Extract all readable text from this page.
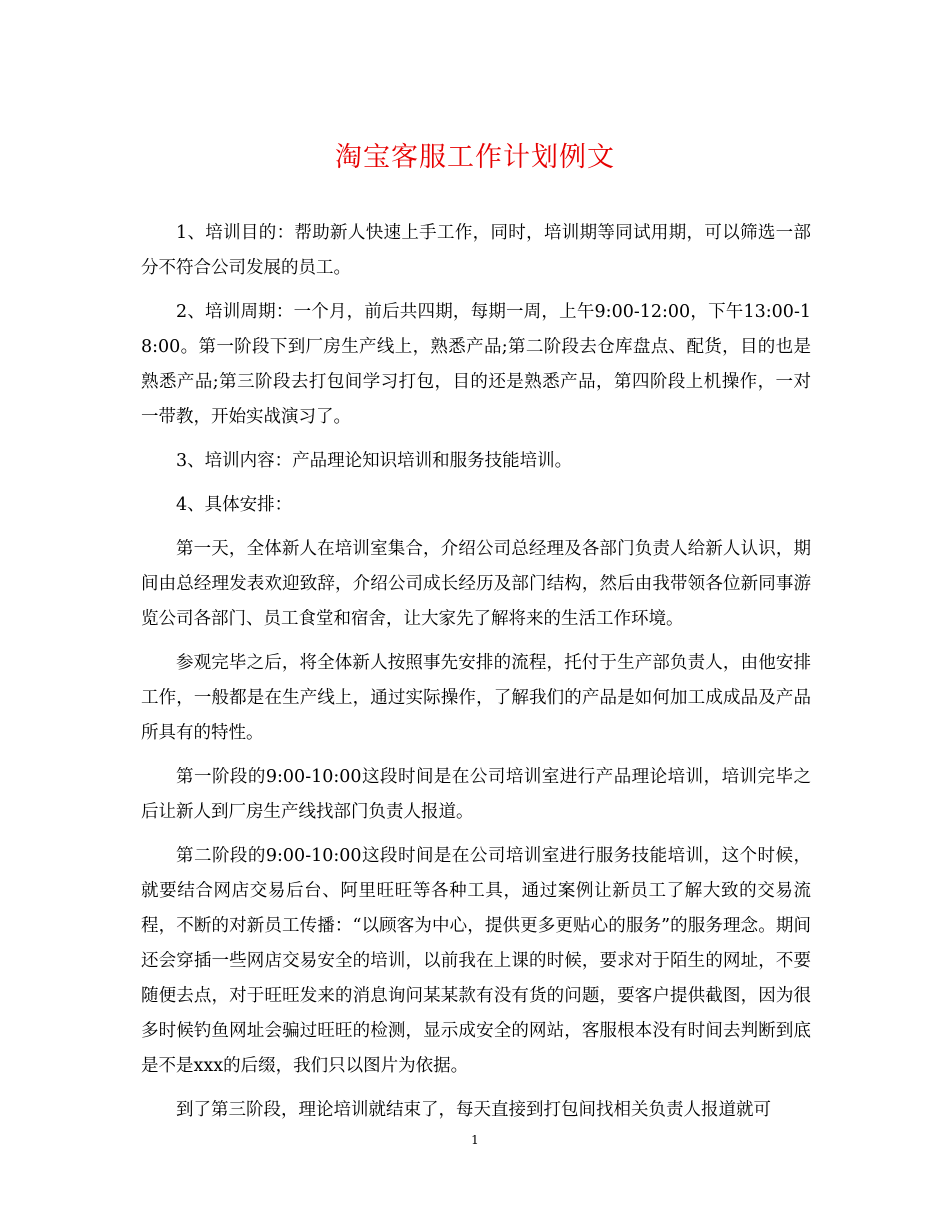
淘宝客服工作计划例文

1、培训目的：帮助新人快速上手工作，同时，培训期等同试用期，可以筛选一部分不符合公司发展的员工。

2、培训周期：一个月，前后共四期，每期一周，上午9:00-12:00，下午13:00-18:00。第一阶段下到厂房生产线上，熟悉产品;第二阶段去仓库盘点、配货，目的也是熟悉产品;第三阶段去打包间学习打包，目的还是熟悉产品，第四阶段上机操作，一对一带教，开始实战演习了。

3、培训内容：产品理论知识培训和服务技能培训。

4、具体安排：

第一天，全体新人在培训室集合，介绍公司总经理及各部门负责人给新人认识，期间由总经理发表欢迎致辞，介绍公司成长经历及部门结构，然后由我带领各位新同事游览公司各部门、员工食堂和宿舍，让大家先了解将来的生活工作环境。

参观完毕之后，将全体新人按照事先安排的流程，托付于生产部负责人，由他安排工作，一般都是在生产线上，通过实际操作，了解我们的产品是如何加工成成品及产品所具有的特性。

第一阶段的9:00-10:00这段时间是在公司培训室进行产品理论培训，培训完毕之后让新人到厂房生产线找部门负责人报道。

第二阶段的9:00-10:00这段时间是在公司培训室进行服务技能培训，这个时候，就要结合网店交易后台、阿里旺旺等各种工具，通过案例让新员工了解大致的交易流程，不断的对新员工传播：“以顾客为中心，提供更多更贴心的服务”的服务理念。期间还会穿插一些网店交易安全的培训，以前我在上课的时候，要求对于陌生的网址，不要随便去点，对于旺旺发来的消息询问某某款有没有货的问题，要客户提供截图，因为很多时候钓鱼网址会骗过旺旺的检测，显示成安全的网站，客服根本没有时间去判断到底是不是xxx的后缀，我们只以图片为依据。

到了第三阶段，理论培训就结束了，每天直接到打包间找相关负责人报道就可

1
